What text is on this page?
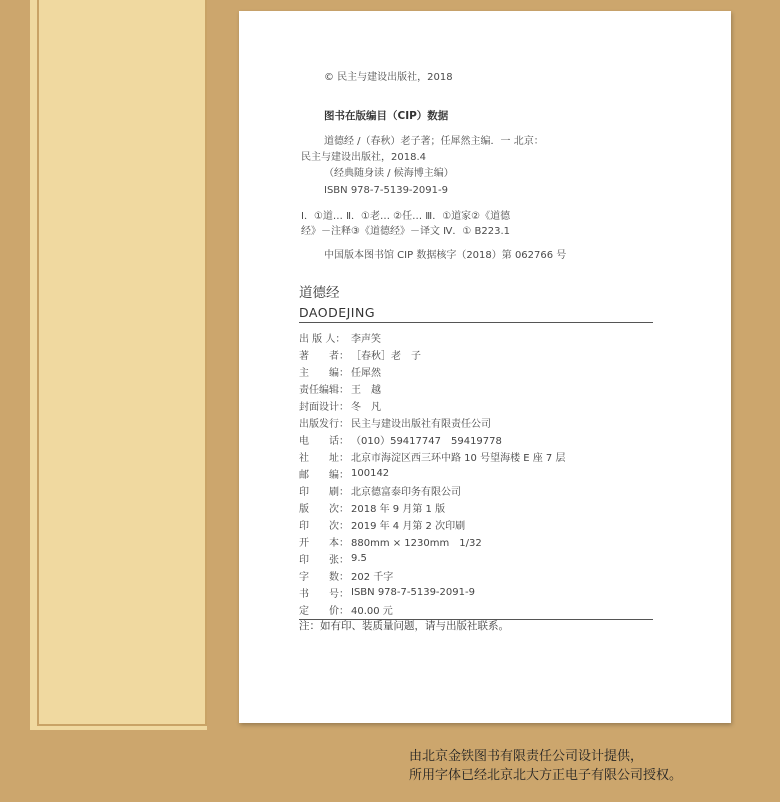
© 民主与建设出版社，2018
图书在版编目（CIP）数据
道德经 /（春秋）老子著；任犀然主编．一 北京：
民主与建设出版社，2018.4
（经典随身读 / 候海博主编）
ISBN 978-7-5139-2091-9
Ⅰ．①道… Ⅱ．①老… ②任… Ⅲ．①道家②《道德
经》－注释③《道德经》－译文 Ⅳ．① B223.1
中国版本图书馆 CIP 数据核字（2018）第 062766 号
道德经
DAODEJING
出 版 人： 李声笑
著　　者： ［春秋］老　子
主　　编： 任犀然
责任编辑： 王　越
封面设计： 冬　凡
出版发行： 民主与建设出版社有限责任公司
电　　话： （010）59417747　59419778
社　　址： 北京市海淀区西三环中路 10 号望海楼 E 座 7 层
邮　　编： 100142
印　　刷： 北京德富泰印务有限公司
版　　次： 2018 年 9 月第 1 版
印　　次： 2019 年 4 月第 2 次印刷
开　　本： 880mm × 1230mm　1/32
印　　张： 9.5
字　　数： 202 千字
书　　号： ISBN 978-7-5139-2091-9
定　　价： 40.00 元
注：如有印、装质量问题，请与出版社联系。
由北京金铁图书有限责任公司设计提供，
所用字体已经北京北大方正电子有限公司授权。
